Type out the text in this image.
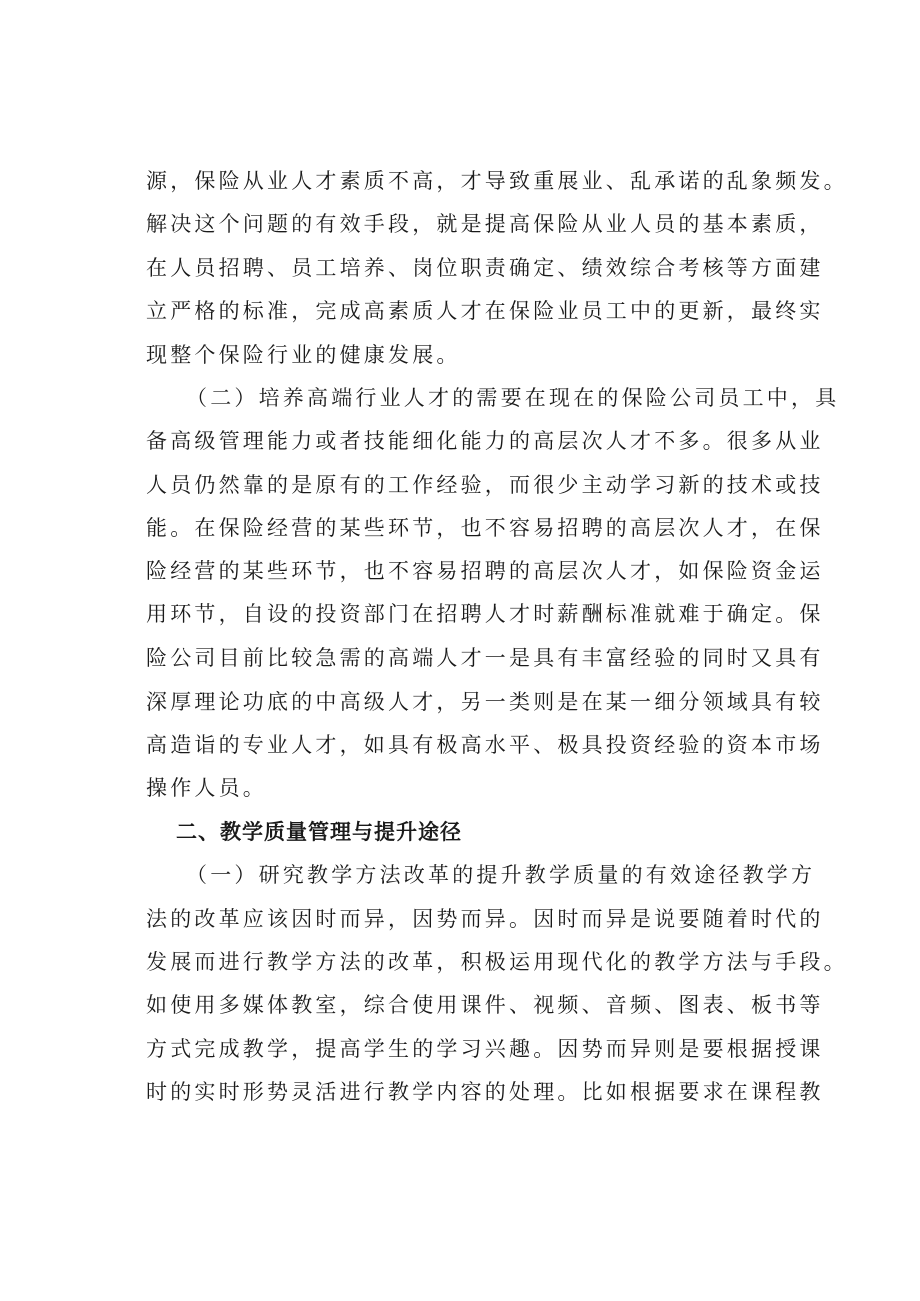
源，保险从业人才素质不高，才导致重展业、乱承诺的乱象频发。
解决这个问题的有效手段，就是提高保险从业人员的基本素质，
在人员招聘、员工培养、岗位职责确定、绩效综合考核等方面建
立严格的标准，完成高素质人才在保险业员工中的更新，最终实
现整个保险行业的健康发展。
（二）培养高端行业人才的需要在现在的保险公司员工中，具
备高级管理能力或者技能细化能力的高层次人才不多。很多从业
人员仍然靠的是原有的工作经验，而很少主动学习新的技术或技
能。在保险经营的某些环节，也不容易招聘的高层次人才，在保
险经营的某些环节，也不容易招聘的高层次人才，如保险资金运
用环节，自设的投资部门在招聘人才时薪酬标准就难于确定。保
险公司目前比较急需的高端人才一是具有丰富经验的同时又具有
深厚理论功底的中高级人才，另一类则是在某一细分领域具有较
高造诣的专业人才，如具有极高水平、极具投资经验的资本市场
操作人员。
二、教学质量管理与提升途径
（一）研究教学方法改革的提升教学质量的有效途径教学方
法的改革应该因时而异，因势而异。因时而异是说要随着时代的
发展而进行教学方法的改革，积极运用现代化的教学方法与手段。
如使用多媒体教室，综合使用课件、视频、音频、图表、板书等
方式完成教学，提高学生的学习兴趣。因势而异则是要根据授课
时的实时形势灵活进行教学内容的处理。比如根据要求在课程教
